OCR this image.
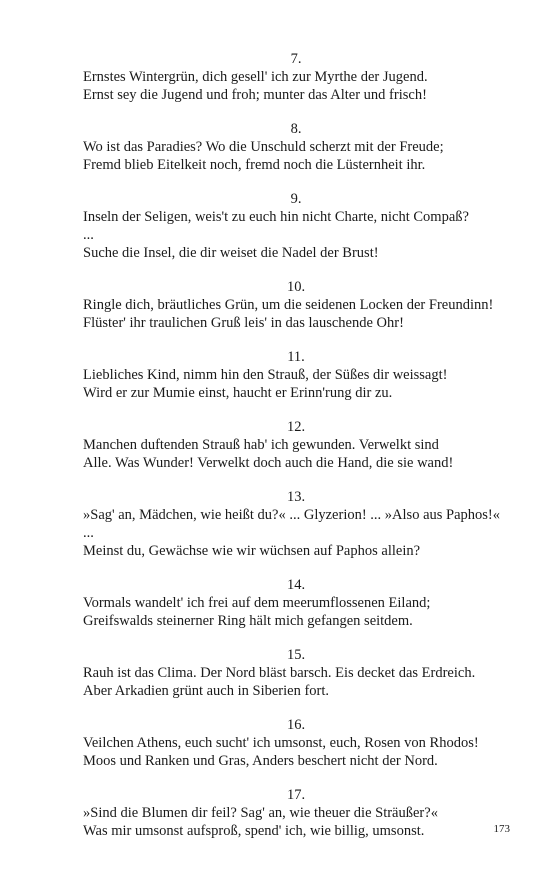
7.
Ernstes Wintergrün, dich gesell' ich zur Myrthe der Jugend.
Ernst sey die Jugend und froh; munter das Alter und frisch!
8.
Wo ist das Paradies? Wo die Unschuld scherzt mit der Freude;
Fremd blieb Eitelkeit noch, fremd noch die Lüsternheit ihr.
9.
Inseln der Seligen, weis't zu euch hin nicht Charte, nicht Compaß?
...
Suche die Insel, die dir weiset die Nadel der Brust!
10.
Ringle dich, bräutliches Grün, um die seidenen Locken der Freundinn!
Flüster' ihr traulichen Gruß leis' in das lauschende Ohr!
11.
Liebliches Kind, nimm hin den Strauß, der Süßes dir weissagt!
Wird er zur Mumie einst, haucht er Erinn'rung dir zu.
12.
Manchen duftenden Strauß hab' ich gewunden. Verwelkt sind
Alle. Was Wunder! Verwelkt doch auch die Hand, die sie wand!
13.
»Sag' an, Mädchen, wie heißt du?« ... Glyzerion! ... »Also aus Paphos!«
...
Meinst du, Gewächse wie wir wüchsen auf Paphos allein?
14.
Vormals wandelt' ich frei auf dem meerumflossenen Eiland;
Greifswalds steinerner Ring hält mich gefangen seitdem.
15.
Rauh ist das Clima. Der Nord bläst barsch. Eis decket das Erdreich.
Aber Arkadien grünt auch in Siberien fort.
16.
Veilchen Athens, euch sucht' ich umsonst, euch, Rosen von Rhodos!
Moos und Ranken und Gras, Anders beschert nicht der Nord.
17.
»Sind die Blumen dir feil? Sag' an, wie theuer die Sträußer?«
Was mir umsonst aufsproß, spend' ich, wie billig, umsonst.	173
